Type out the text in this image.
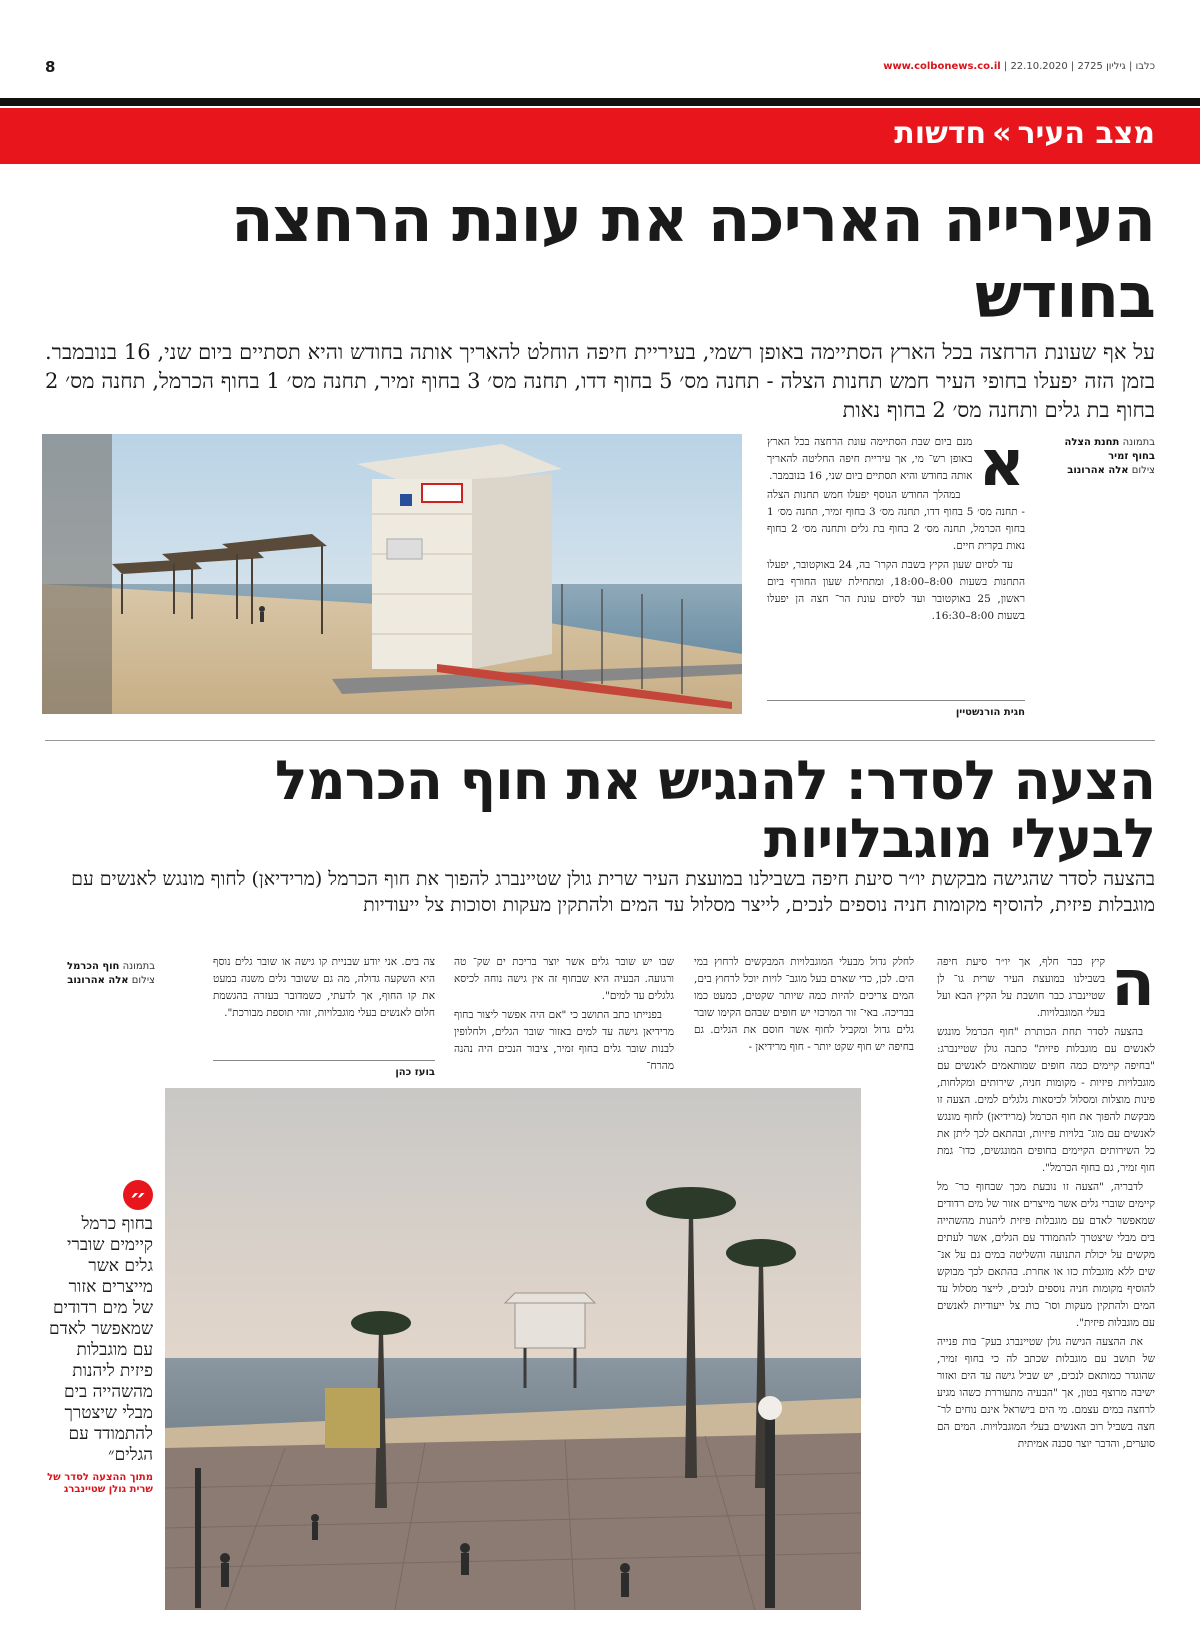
8	www.colbonews.co.il | כלבו | גיליון 2725 | 22.10.2020
מצב העיר»חדשות
העירייה האריכה את עונת הרחצה בחודש
על אף שעונת הרחצה בכל הארץ הסתיימה באופן רשמי, בעיריית חיפה הוחלט להאריך אותה בחודש והיא תסתיים ביום שני, 16 בנובמבר. בזמן הזה יפעלו בחופי העיר חמש תחנות הצלה - תחנה מס׳ 5 בחוף דדו, תחנה מס׳ 3 בחוף זמיר, תחנה מס׳ 1 בחוף הכרמל, תחנה מס׳ 2 בחוף בת גלים ותחנה מס׳ 2 בחוף נאות
בתמונה תחנת הצלה בחוף זמיר
צילום אלה אהרונוב
א

מנם ביום שבת הסתיימה עונת הרחצה בכל הארץ באופן רש־ מי, אך עיריית חיפה החליטה להאריך אותה בחודש והיא תסתיים ביום שני, 16 בנובמבר.

במהלך החודש הנוסף יפעלו חמש תחנות הצלה - תחנה מס׳ 5 בחוף דדו, תחנה מס׳ 3 בחוף זמיר, תחנה מס׳ 1 בחוף הכרמל, תחנה מס׳ 2 בחוף בת גלים ותחנה מס׳ 2 בחוף נאות בקרית חיים.

עד לסיום שעון הקיץ בשבת הקרו־ בה, 24 באוקטובר, יפעלו התחנות בשעות 8:00–18:00, ומתחילת שעון החורף ביום ראשון, 25 באוקטובר ועד לסיום עונת הר־ חצה הן יפעלו בשעות 8:00–16:30.

חגית הורנשטיין
הצעה לסדר: להנגיש את חוף הכרמל
לבעלי מוגבלויות
בהצעה לסדר שהגישה מבקשת יו״ר סיעת חיפה בשבילנו במועצת העיר שרית גולן שטיינברג להפוך את חוף הכרמל (מרידיאן) לחוף מונגש לאנשים עם מוגבלות פיזית, להוסיף מקומות חניה נוספים לנכים, לייצר מסלול עד המים ולהתקין מעקות וסוכות צל ייעודיות
ה

קיץ כבר חלף, אך יו״ר סיעת חיפה בשבילנו במועצת העיר שרית גו־ לן שטיינברג כבר חושבת על הקיץ הבא ועל בעלי המוגבלויות.

בהצעה לסדר תחת הכותרת "חוף הכרמל מונגש לאנשים עם מוגבלות פיזית" כתבה גולן שטיינברג: "בחיפה קיימים כמה חופים שמותאמים לאנשים עם מוגבלויות פיזיות - מקומות חניה, שירותים ומקלחות, פינות מוצלות ומסלול לכיסאות גלגלים למים. הצעה זו מבקשת להפוך את חוף הכרמל (מרידיאן) לחוף מונגש לאנשים עם מוג־ בלויות פיזיות, ובהתאם לכך ליתן את כל השירותים הקיימים בחופים המונגשים, כדו־ גמת חוף זמיר, גם בחוף הכרמל".

לדבריה, "הצעה זו נובעת מכך שבחוף כר־ מל קיימים שוברי גלים אשר מייצרים אזור של מים רדודים שמאפשר לאדם עם מוגבלות פיזית ליהנות מהשהייה בים מבלי שיצטרך להתמודד עם הגלים, אשר לעתים מקשים על יכולת התנועה והשליטה במים גם על אנ־ שים ללא מוגבלות כזו או אחרת. בהתאם לכך מבוקש להוסיף מקומות חניה נוספים לנכים, לייצר מסלול עד המים ולהתקין מעקות וסו־ כות צל ייעודיות לאנשים עם מוגבלות פיזית".

את ההצעה הגישה גולן שטיינברג בעק־ בות פנייה של תושב עם מוגבלות שכתב לה כי בחוף זמיר, שהוגדר כמותאם לנכים, יש שביל גישה עד הים ואזור ישיבה מרוצף בטון, אך "הבעיה מתעוררת כשהו מגיע לרחצה במים עצמם. מי הים בישראל אינם נוחים לר־ חצה בשביל רוב האנשים בעלי המוגבלויות. המים הם סוערים, והדבר יוצר סכנה אמיתית

לחלק גדול מבעלי המוגבלויות המבקשים לרחוץ במי הים. לכן, כדי שארם בעל מוגב־ לויות יוכל לרחוץ בים, המים צריכים להיות כמה שיותר שקטים, כמעט כמו בבריכה. באי־ זור המרכזי יש חופים שבהם הקימו שובר גלים גדול ומקביל לחוף אשר חוסם את הגלים. גם בחיפה יש חוף שקט יותר - חוף מרידיאן -

שבו יש שובר גלים אשר יוצר בריכת ים שק־ טה ורגועה. הבעיה היא שבחוף זה אין גישה נוחה לכיסא גלגלים עד למים".

בפנייתו כתב התושב כי "אם היה אפשר ליצור בחוף מרידיאן גישה עד למים באזור שובר הגלים, ולחלופין לבנות שובר גלים בחוף זמיר, ציבור הנכים היה נהנה מהרח־

צה בים. אני יודע שבניית קו גישה או שובר גלים נוסף היא השקעה גדולה, מה גם ששובר גלים משנה במעט את קו החוף, אך לדעתי, כשמדובר בעזרה בהגשמת חלום לאנשים בעלי מוגבלויות, זוהי תוספת מבורכת".

בועז כהן
בתמונה חוף הכרמל
צילום אלה אהרונוב
״
בחוף כרמל קיימים שוברי גלים אשר מייצרים אזור של מים רדודים שמאפשר לאדם עם מוגבלות פיזית ליהנות מהשהייה בים מבלי שיצטרך להתמודד עם הגלים״
מתוך ההצעה לסדר של שרית גולן שטיינברג
